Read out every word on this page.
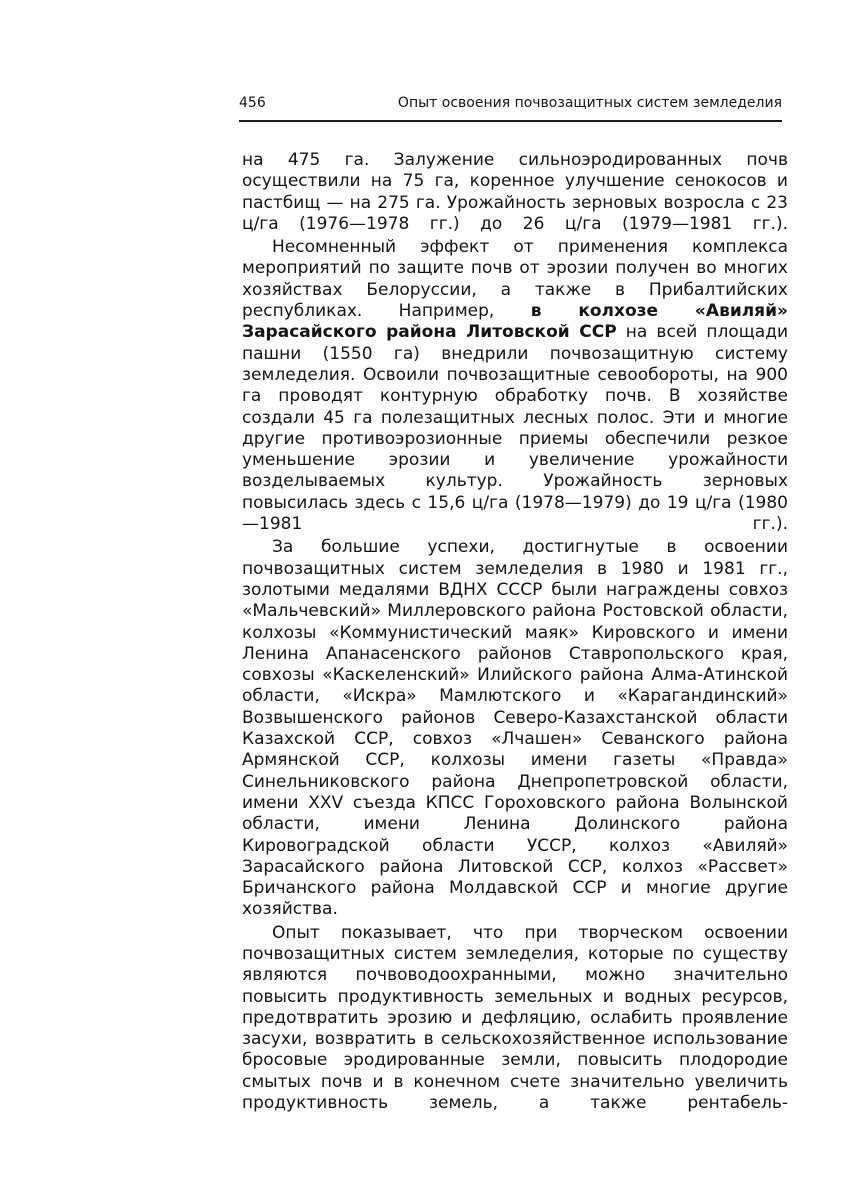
456	Опыт освоения почвозащитных систем земледелия

на 475 га. Залужение сильноэродированных почв осуществили на 75 га, коренное улучшение сенокосов и пастбищ — на 275 га. Урожайность зерновых возросла с 23 ц/га (1976—1978 гг.) до 26 ц/га (1979—1981 гг.).

Несомненный эффект от применения комплекса мероприятий по защите почв от эрозии получен во многих хозяйствах Белоруссии, а также в Прибалтийских республиках. Например, в колхозе «Авиляй» Зарасайского района Литовской ССР на всей площади пашни (1550 га) внедрили почвозащитную систему земледелия. Освоили почвозащитные севообороты, на 900 га проводят контурную обработку почв. В хозяйстве создали 45 га полезащитных лесных полос. Эти и многие другие противоэрозионные приемы обеспечили резкое уменьшение эрозии и увеличение урожайности возделываемых культур. Урожайность зерновых повысилась здесь с 15,6 ц/га (1978—1979) до 19 ц/га (1980—1981 гг.).

За большие успехи, достигнутые в освоении почвозащитных систем земледелия в 1980 и 1981 гг., золотыми медалями ВДНХ СССР были награждены совхоз «Мальчевский» Миллеровского района Ростовской области, колхозы «Коммунистический маяк» Кировского и имени Ленина Апанасенского районов Ставропольского края, совхозы «Каскеленский» Илийского района Алма-Атинской области, «Искра» Мамлютского и «Карагандинский» Возвышенского районов Северо-Казахстанской области Казахской ССР, совхоз «Лчашен» Севанского района Армянской ССР, колхозы имени газеты «Правда» Синельниковского района Днепропетровской области, имени XXV съезда КПСС Гороховского района Волынской области, имени Ленина Долинского района Кировоградской области УССР, колхоз «Авиляй» Зарасайского района Литовской ССР, колхоз «Рассвет» Бричанского района Молдавской ССР и многие другие хозяйства.

Опыт показывает, что при творческом освоении почвозащитных систем земледелия, которые по существу являются почвоводоохранными, можно значительно повысить продуктивность земельных и водных ресурсов, предотвратить эрозию и дефляцию, ослабить проявление засухи, возвратить в сельскохозяйственное использование бросовые эродированные земли, повысить плодородие смытых почв и в конечном счете значительно увеличить продуктивность земель, а также рентабель-
